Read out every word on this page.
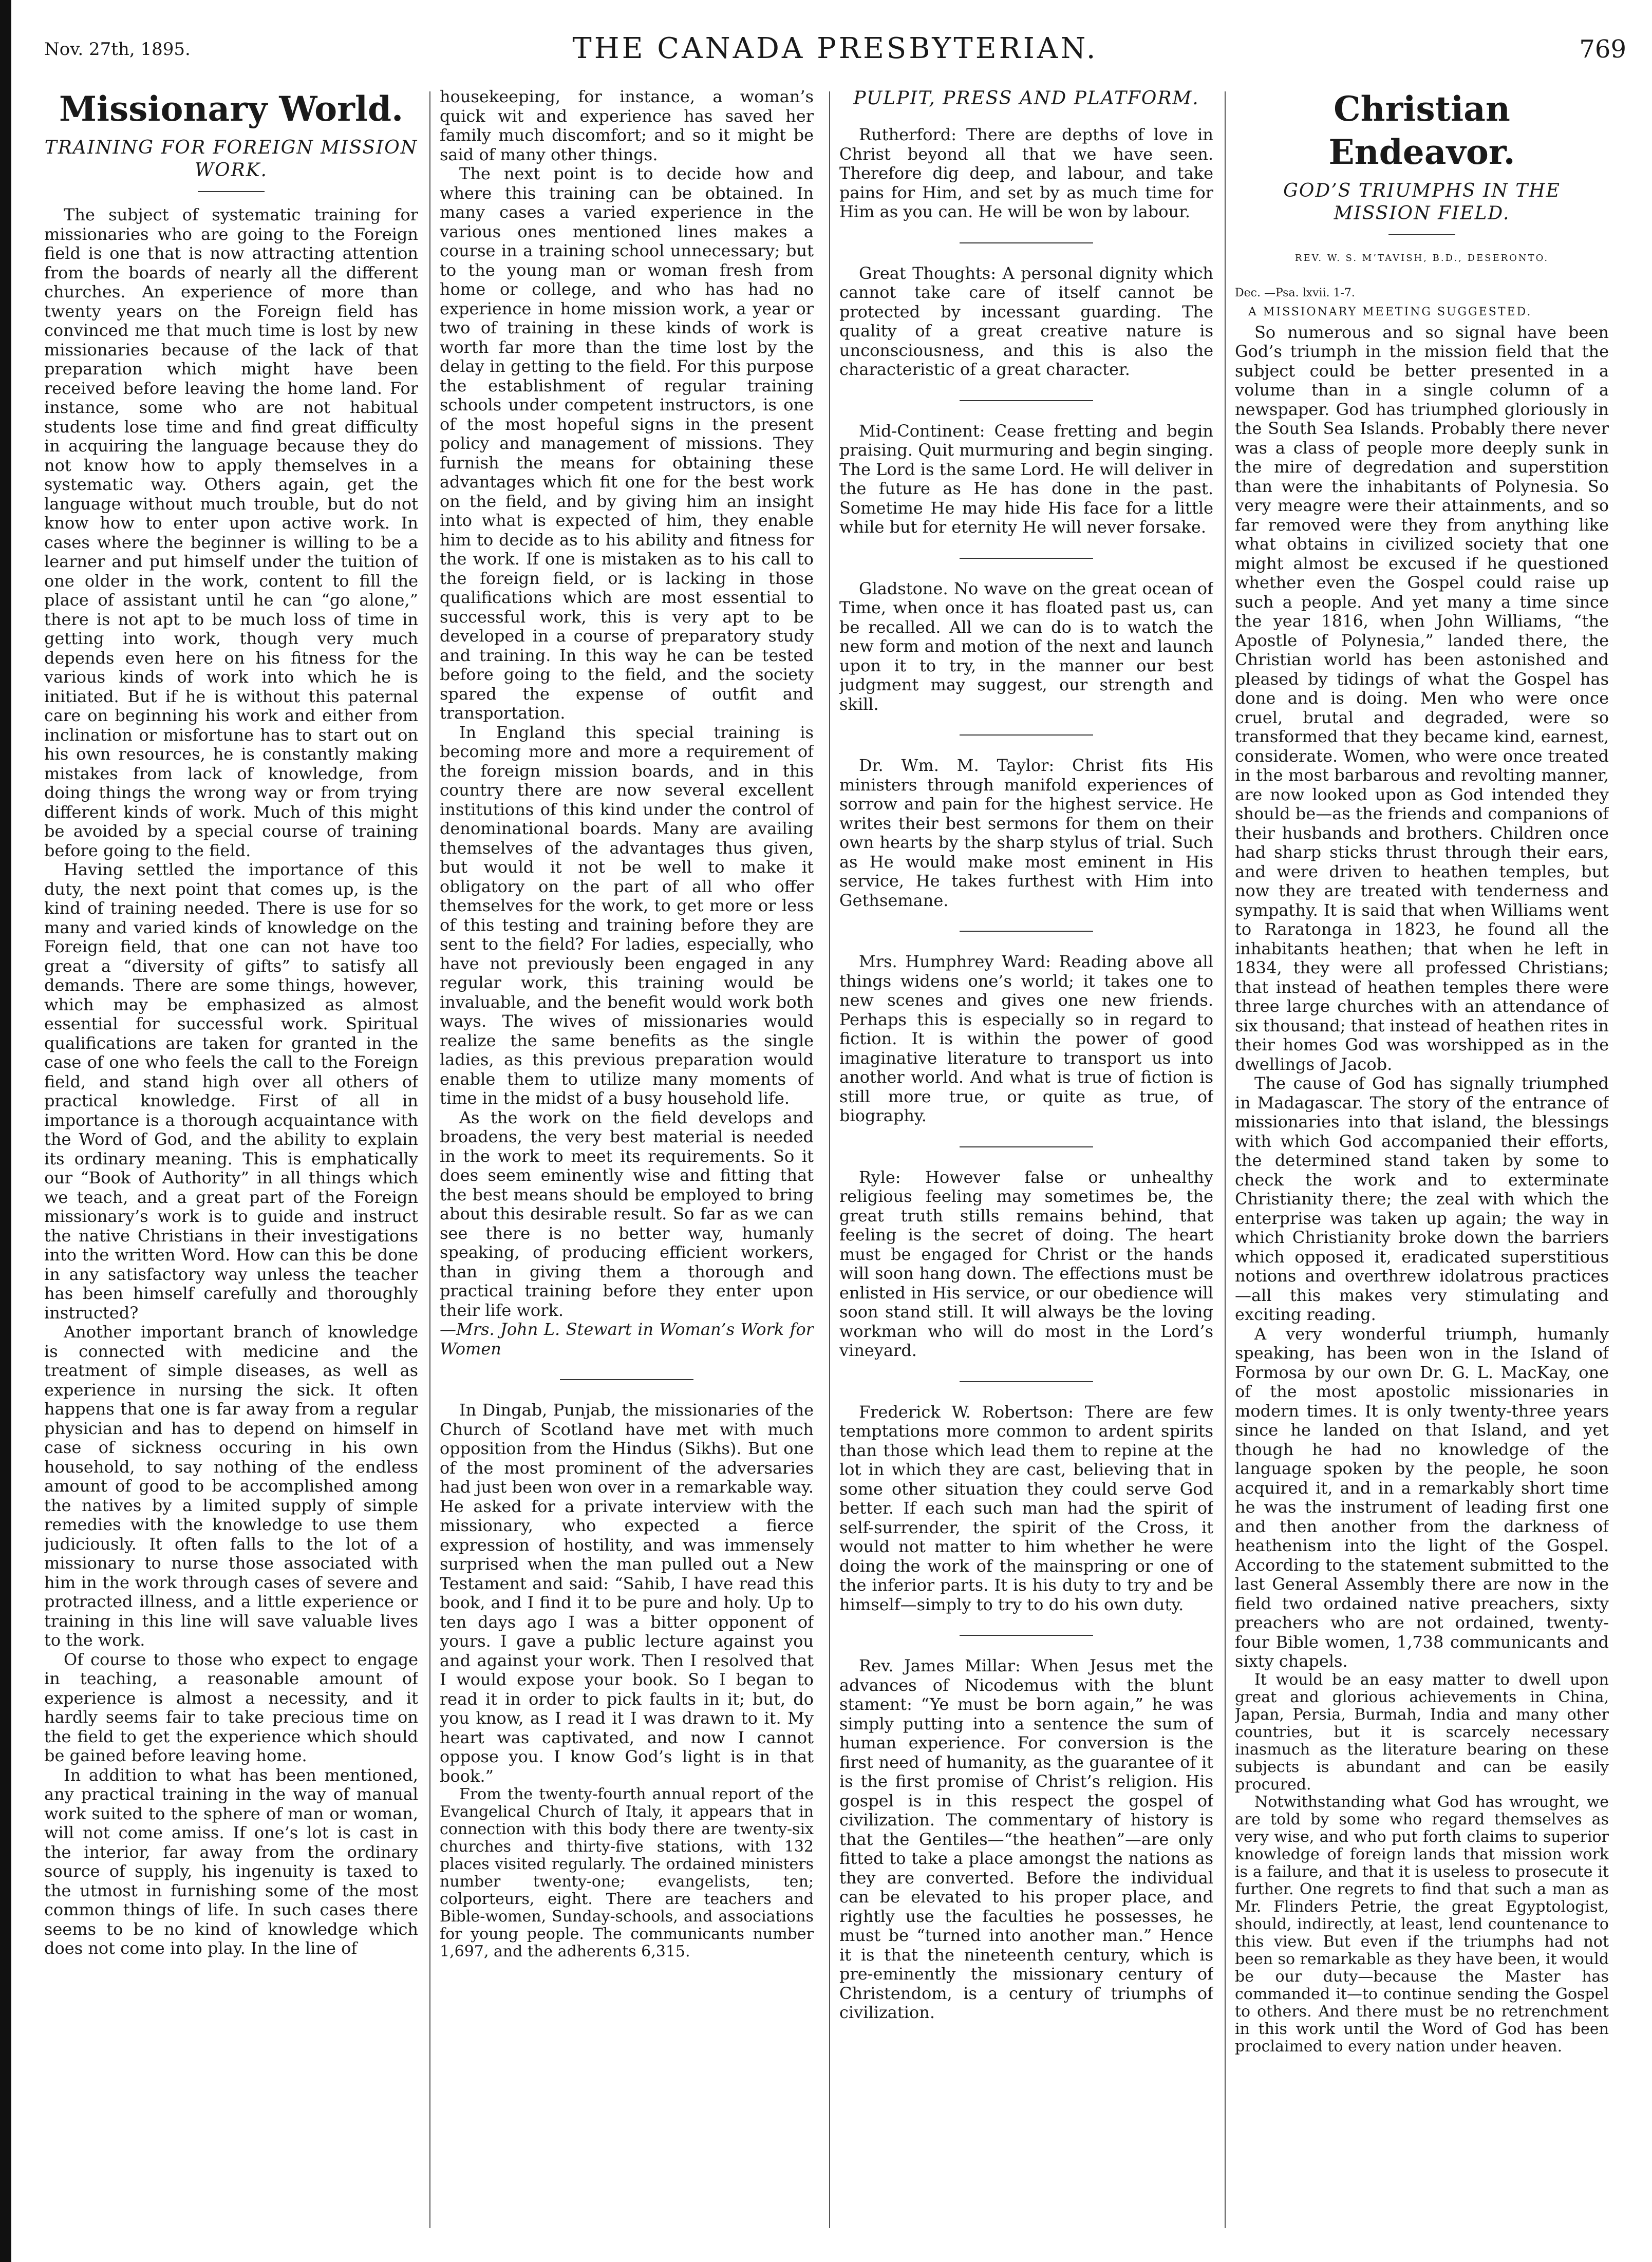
Nov. 27th, 1895.	THE CANADA PRESBYTERIAN.	769
Missionary World.
TRAINING FOR FOREIGN MISSION WORK.

The subject of systematic training for missionaries who are going to the Foreign field is one that is now attracting attention from the boards of nearly all the different churches. An experience of more than twenty years on the Foreign field has convinced me that much time is lost by new missionaries because of the lack of that preparation which might have been received before leaving the home land. For instance, some who are not habitual students lose time and find great difficulty in acquiring the language because they do not know how to apply themselves in a systematic way. Others again, get the language without much trouble, but do not know how to enter upon active work. In cases where the beginner is willing to be a learner and put himself under the tuition of one older in the work, content to fill the place of assistant until he can “go alone,” there is not apt to be much loss of time in getting into work, though very much depends even here on his fitness for the various kinds of work into which he is initiated. But if he is without this paternal care on beginning his work and either from inclination or misfortune has to start out on his own resources, he is constantly making mistakes from lack of knowledge, from doing things the wrong way or from trying different kinds of work. Much of this might be avoided by a special course of training before going to the field.

Having settled the importance of this duty, the next point that comes up, is the kind of training needed. There is use for so many and varied kinds of knowledge on the Foreign field, that one can not have too great a “diversity of gifts” to satisfy all demands. There are some things, however, which may be emphasized as almost essential for successful work. Spiritual qualifications are taken for granted in the case of one who feels the call to the Foreign field, and stand high over all others of practical knowledge. First of all in importance is a thorough acquaintance with the Word of God, and the ability to explain its ordinary meaning. This is emphatically our “Book of Authority” in all things which we teach, and a great part of the Foreign missionary’s work is to guide and instruct the native Christians in their investigations into the written Word. How can this be done in any satisfactory way unless the teacher has been himself carefully and thoroughly instructed?

Another important branch of knowledge is connected with medicine and the treatment of simple diseases, as well as experience in nursing the sick. It often happens that one is far away from a regular physician and has to depend on himself in case of sickness occuring in his own household, to say nothing of the endless amount of good to be accomplished among the natives by a limited supply of simple remedies with the knowledge to use them judiciously. It often falls to the lot of a missionary to nurse those associated with him in the work through cases of severe and protracted illness, and a little experience or training in this line will save valuable lives to the work.

Of course to those who expect to engage in teaching, a reasonable amount of experience is almost a necessity, and it hardly seems fair to take precious time on the field to get the experience which should be gained before leaving home.

In addition to what has been mentioned, any practical training in the way of manual work suited to the sphere of man or woman, will not come amiss. If one’s lot is cast in the interior, far away from the ordinary source of supply, his ingenuity is taxed to the utmost in furnishing some of the most common things of life. In such cases there seems to be no kind of knowledge which does not come into play. In the line of

housekeeping, for instance, a woman’s quick wit and experience has saved her family much discomfort; and so it might be said of many other things.

The next point is to decide how and where this training can be obtained. In many cases a varied experience in the various ones mentioned lines makes a course in a training school unnecessary; but to the young man or woman fresh from home or college, and who has had no experience in home mission work, a year or two of training in these kinds of work is worth far more than the time lost by the delay in getting to the field. For this purpose the establishment of regular training schools under competent instructors, is one of the most hopeful signs in the present policy and management of missions. They furnish the means for obtaining these advantages which fit one for the best work on the field, and by giving him an insight into what is expected of him, they enable him to decide as to his ability and fitness for the work. If one is mistaken as to his call to the foreign field, or is lacking in those qualifications which are most essential to successful work, this is very apt to be developed in a course of preparatory study and training. In this way he can be tested before going to the field, and the society spared the expense of outfit and transportation.

In England this special training is becoming more and more a requirement of the foreign mission boards, and in this country there are now several excellent institutions of this kind under the control of denominational boards. Many are availing themselves of the advantages thus given, but would it not be well to make it obligatory on the part of all who offer themselves for the work, to get more or less of this testing and training before they are sent to the field? For ladies, especially, who have not previously been engaged in any regular work, this training would be invaluable, and the benefit would work both ways. The wives of missionaries would realize the same benefits as the single ladies, as this previous preparation would enable them to utilize many moments of time in the midst of a busy household life.

As the work on the field develops and broadens, the very best material is needed in the work to meet its requirements. So it does seem eminently wise and fitting that the best means should be employed to bring about this desirable result. So far as we can see there is no better way, humanly speaking, of producing efficient workers, than in giving them a thorough and practical training before they enter upon their life work.

—Mrs. John L. Stewart in Woman’s Work for Women

In Dingab, Punjab, the missionaries of the Church of Scotland have met with much opposition from the Hindus (Sikhs). But one of the most prominent of the adversaries had just been won over in a remarkable way. He asked for a private interview with the missionary, who expected a fierce expression of hostility, and was immensely surprised when the man pulled out a New Testament and said: “Sahib, I have read this book, and I find it to be pure and holy. Up to ten days ago I was a bitter opponent of yours. I gave a public lecture against you and against your work. Then I resolved that I would expose your book. So I began to read it in order to pick faults in it; but, do you know, as I read it I was drawn to it. My heart was captivated, and now I cannot oppose you. I know God’s light is in that book.”

From the twenty-fourth annual report of the Evangelical Church of Italy, it appears that in connection with this body there are twenty-six churches and thirty-five stations, with 132 places visited regularly. The ordained ministers number twenty-one; evangelists, ten; colporteurs, eight. There are teachers and Bible-women, Sunday-schools, and associations for young people. The communicants number 1,697, and the adherents 6,315.

PULPIT, PRESS AND PLATFORM.

Rutherford: There are depths of love in Christ beyond all that we have seen. Therefore dig deep, and labour, and take pains for Him, and set by as much time for Him as you can. He will be won by labour.

Great Thoughts: A personal dignity which cannot take care of itself cannot be protected by incessant guarding. The quality of a great creative nature is unconsciousness, and this is also the characteristic of a great character.

Mid-Continent: Cease fretting and begin praising. Quit murmuring and begin singing. The Lord is the same Lord. He will deliver in the future as He has done in the past. Sometime He may hide His face for a little while but for eternity He will never forsake.

Gladstone. No wave on the great ocean of Time, when once it has floated past us, can be recalled. All we can do is to watch the new form and motion of the next and launch upon it to try, in the manner our best judgment may suggest, our strength and skill.

Dr. Wm. M. Taylor: Christ fits His ministers through manifold experiences of sorrow and pain for the highest service. He writes their best sermons for them on their own hearts by the sharp stylus of trial. Such as He would make most eminent in His service, He takes furthest with Him into Gethsemane.

Mrs. Humphrey Ward: Reading above all things widens one’s world; it takes one to new scenes and gives one new friends. Perhaps this is especially so in regard to fiction. It is within the power of good imaginative literature to transport us into another world. And what is true of fiction is still more true, or quite as true, of biography.

Ryle: However false or unhealthy religious feeling may sometimes be, the great truth stills remains behind, that feeling is the secret of doing. The heart must be engaged for Christ or the hands will soon hang down. The effections must be enlisted in His service, or our obedience will soon stand still. It will always be the loving workman who will do most in the Lord’s vineyard.

Frederick W. Robertson: There are few temptations more common to ardent spirits than those which lead them to repine at the lot in which they are cast, believing that in some other situation they could serve God better. If each such man had the spirit of self-surrender, the spirit of the Cross, it would not matter to him whether he were doing the work of the mainspring or one of the inferior parts. It is his duty to try and be himself—simply to try to do his own duty.

Rev. James Millar: When Jesus met the advances of Nicodemus with the blunt stament: “Ye must be born again,” he was simply putting into a sentence the sum of human experience. For conversion is the first need of humanity, as the guarantee of it is the first promise of Christ’s religion. His gospel is in this respect the gospel of civilization. The commentary of history is that the Gentiles—“the heathen”—are only fitted to take a place amongst the nations as they are converted. Before the individual can be elevated to his proper place, and rightly use the faculties he possesses, he must be “turned into another man.” Hence it is that the nineteenth century, which is pre-eminently the missionary century of Christendom, is a century of triumphs of civilization.

Christian Endeavor.
GOD’S TRIUMPHS IN THE MISSION FIELD.
REV. W. S. M’TAVISH, B.D., DESERONTO.

Dec. —Psa. lxvii. 1-7.

A MISSIONARY MEETING SUGGESTED.

So numerous and so signal have been God’s triumph in the mission field that the subject could be better presented in a volume than in a single column of a newspaper. God has triumphed gloriously in the South Sea Islands. Probably there never was a class of people more deeply sunk in the mire of degredation and superstition than were the inhabitants of Polynesia. So very meagre were their attainments, and so far removed were they from anything like what obtains in civilized society that one might almost be excused if he questioned whether even the Gospel could raise up such a people. And yet many a time since the year 1816, when John Williams, “the Apostle of Polynesia,” landed there, the Christian world has been astonished and pleased by tidings of what the Gospel has done and is doing. Men who were once cruel, brutal and degraded, were so transformed that they became kind, earnest, considerate. Women, who were once treated in the most barbarous and revolting manner, are now looked upon as God intended they should be—as the friends and companions of their husbands and brothers. Children once had sharp sticks thrust through their ears, and were driven to heathen temples, but now they are treated with tenderness and sympathy. It is said that when Williams went to Raratonga in 1823, he found all the inhabitants heathen; that when he left in 1834, they were all professed Christians; that instead of heathen temples there were three large churches with an attendance of six thousand; that instead of heathen rites in their homes God was worshipped as in the dwellings of Jacob.

The cause of God has signally triumphed in Madagascar. The story of the entrance of missionaries into that island, the blessings with which God accompanied their efforts, the determined stand taken by some to check the work and to exterminate Christianity there; the zeal with which the enterprise was taken up again; the way in which Christianity broke down the barriers which opposed it, eradicated superstitious notions and overthrew idolatrous practices—all this makes very stimulating and exciting reading.

A very wonderful triumph, humanly speaking, has been won in the Island of Formosa by our own Dr. G. L. MacKay, one of the most apostolic missionaries in modern times. It is only twenty-three years since he landed on that Island, and yet though he had no knowledge of the language spoken by the people, he soon acquired it, and in a remarkably short time he was the instrument of leading first one and then another from the darkness of heathenism into the light of the Gospel. According to the statement submitted to the last General Assembly there are now in the field two ordained native preachers, sixty preachers who are not ordained, twenty-four Bible women, 1,738 communicants and sixty chapels.

It would be an easy matter to dwell upon great and glorious achievements in China, Japan, Persia, Burmah, India and many other countries, but it is scarcely necessary inasmuch as the literature bearing on these subjects is abundant and can be easily procured.

Notwithstanding what God has wrought, we are told by some who regard themselves as very wise, and who put forth claims to superior knowledge of foreign lands that mission work is a failure, and that it is useless to prosecute it further. One regrets to find that such a man as Mr. Flinders Petrie, the great Egyptologist, should, indirectly, at least, lend countenance to this view. But even if the triumphs had not been so remarkable as they have been, it would be our duty—because the Master has commanded it—to continue sending the Gospel to others. And there must be no retrenchment in this work until the Word of God has been proclaimed to every nation under heaven.
